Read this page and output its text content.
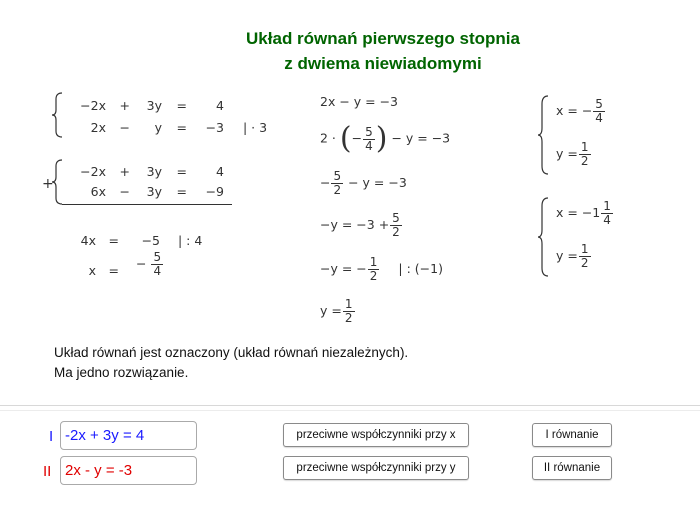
Układ równań pierwszego stopnia
z dwiema niewiadomymi
−2x +	3y	=	4
2x −	y	=	−3 | · 3
+
−2x +	3y	=	4
6x −	3y	=	−9
4x	=	−5 | : 4
x	= − $\frac{5}{4}$
2x − y = −3
2 · (− $\frac{5}{4}$ ) − y = −3
− $\frac{5}{2} - y = -3$
$-y = -3 + \frac{5}{2}$
−y = − $\frac{1}{2}$ | : (−1)
$y = \frac{1}{2}$
x = − $\frac{5}{4}$
$y = \frac{1}{2}$
$x = -1 \frac{1}{4}$
$y = \frac{1}{2}$
Układ równań jest oznaczony (układ równań niezależnych).
Ma jedno rozwiązanie.
I
-2x + 3y = 4
II
2x - y = -3
przeciwne współczynniki przy x
przeciwne współczynniki przy y
I równanie
II równanie
